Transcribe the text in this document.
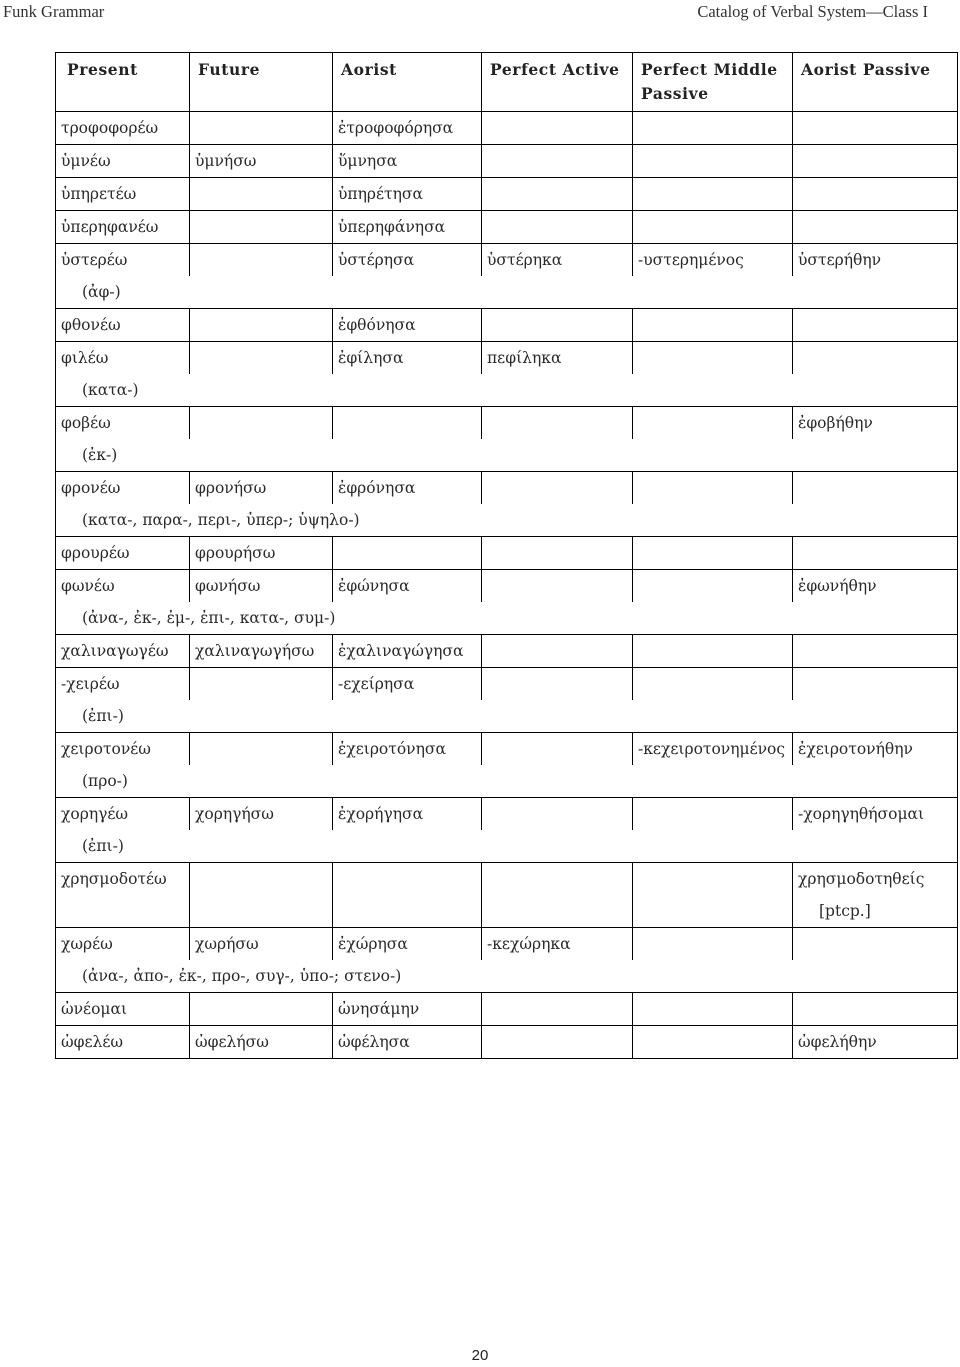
Funk Grammar	Catalog of Verbal System—Class I
Present	Future	Aorist	Perfect Active	Perfect Middle Passive	Aorist Passive
τροφοφορέω		ἐτροφοφόρησα			
ὑμνέω	ὑμνήσω	ὕμνησα			
ὑπηρετέω		ὑπηρέτησα			
ὑπερηφανέω		ὑπερηφάνησα			
ὑστερέω		ὑστέρησα	ὑστέρηκα	-υστερημένος	ὑστερήθην
(ἀφ-)					
φθονέω		ἐφθόνησα			
φιλέω		ἐφίλησα	πεφίληκα		
(κατα-)					
φοβέω					ἐφοβήθην
(ἐκ-)					
φρονέω	φρονήσω	ἐφρόνησα			
(κατα-, παρα-, περι-, ὑπερ-; ὑψηλο-)					
φρουρέω	φρουρήσω				
φωνέω	φωνήσω	ἐφώνησα			ἐφωνήθην
(ἀνα-, ἐκ-, ἐμ-, ἐπι-, κατα-, συμ-)					
χαλιναγωγέω	χαλιναγωγήσω	ἐχαλιναγώγησα			
-χειρέω		-εχείρησα			
(ἐπι-)					
χειροτονέω		ἐχειροτόνησα		-κεχειροτονημένος	ἐχειροτονήθην
(προ-)					
χορηγέω	χορηγήσω	ἐχορήγησα			-χορηγηθήσομαι
(ἐπι-)					
χρησμοδοτέω					χρησμοδοτηθείς
					[ptcp.]
χωρέω	χωρήσω	ἐχώρησα	-κεχώρηκα		
(ἀνα-, ἀπο-, ἐκ-, προ-, συγ-, ὑπο-; στενο-)					
ὠνέομαι		ὠνησάμην			
ὠφελέω	ὠφελήσω	ὠφέλησα			ὠφελήθην
20
